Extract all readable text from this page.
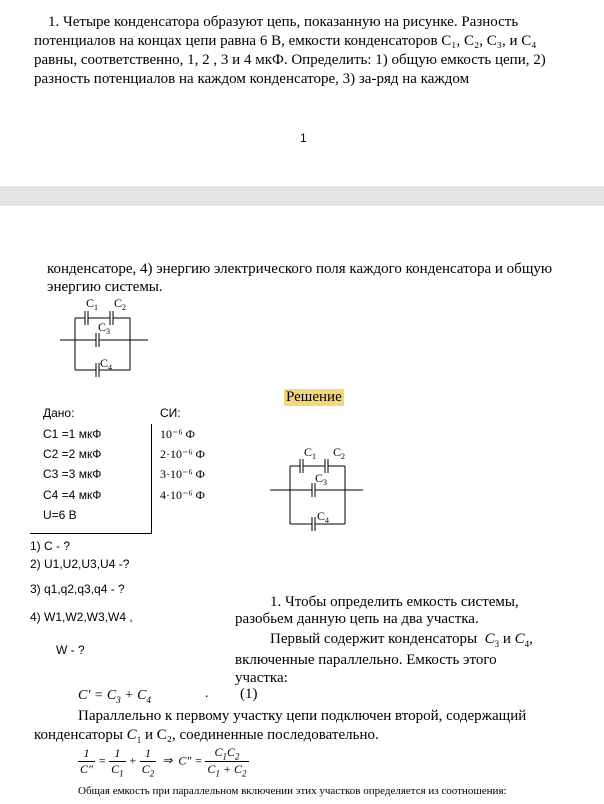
1. Четыре конденсатора образуют цепь, показанную на рисунке. Разность потенциалов на концах цепи равна 6 В, емкости конденсаторов С₁, С₂, С₃, и С₄ равны, соответственно, 1, 2 , 3 и 4 мкФ. Определить: 1) общую емкость цепи, 2) разность потенциалов на каждом конденсаторе, 3) за-ряд на каждом
1
конденсаторе, 4) энергию электрического поля каждого конденсатора и общую энергию системы.
$C_1$ $C_2$
$C_3$
$C_4$
Решение
Дано:	СИ:
C1 =1 мкФ
C2 =2 мкФ
C3 =3 мкФ
C4 =4 мкФ
U=6 В
10⁻⁶ Ф
2·10⁻⁶ Ф
3·10⁻⁶ Ф
4·10⁻⁶ Ф
1) C - ?
2) U1,U2,U3,U4 -?
3) q1,q2,q3,q4 - ?
4) W1,W2,W3,W4 ,
W - ?
$C_1$ $C_2$
$C_3$
$C_4$
1. Чтобы определить емкость системы,
разобьем данную цепь на два участка.
Первый содержит конденсаторы $C_3$ и $C_4$,
включенные параллельно. Емкость этого
участка:
$C' = C_3 + C_4$	. (1)
Параллельно к первому участку цепи подключен второй, содержащий
конденсаторы $C_1$ и С₂, соединенные последовательно.
$\frac{1}{C''} = \frac{1}{C_1} + \frac{1}{C_2}$ ⇒  $C'' = \frac{C_1C_2}{C_1 + C_2}$
Общая емкость при параллельном включении этих участков определяется из соотношения:
